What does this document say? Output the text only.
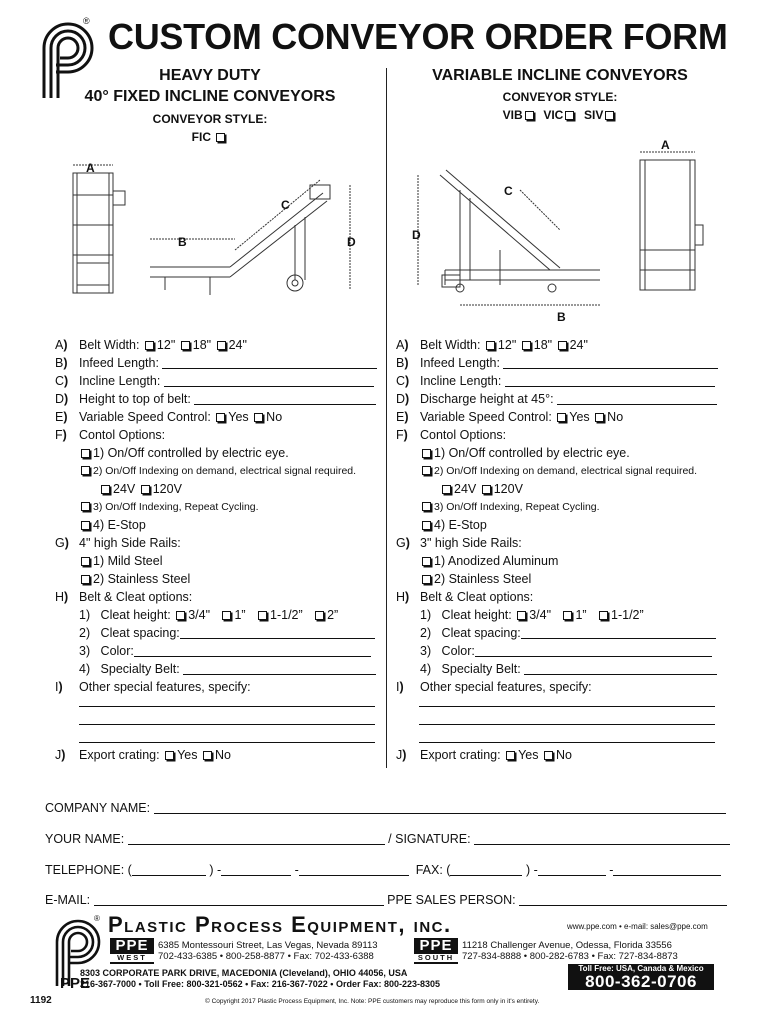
® CUSTOM CONVEYOR ORDER FORM
HEAVY DUTY
40° FIXED INCLINE CONVEYORS
CONVEYOR STYLE:
FIC
VARIABLE INCLINE CONVEYORS
CONVEYOR STYLE:
VIB VIC SIV
A
B
C
D
A
B
C
D
A) Belt Width: 12" 18" 24"
B) Infeed Length:
C) Incline Length:
D) Height to top of belt:
E) Variable Speed Control: Yes No
F) Contol Options:
1) On/Off controlled by electric eye.
2) On/Off Indexing on demand, electrical signal required.
24V 120V
3) On/Off Indexing, Repeat Cycling.
4) E-Stop
G) 4" high Side Rails:
1) Mild Steel
2) Stainless Steel
H) Belt & Cleat options:
1) Cleat height: 3/4" 1” 1-1/2” 2”
2) Cleat spacing:
3) Color:
4) Specialty Belt:
I) Other special features, specify:
J) Export crating: Yes No
A) Belt Width: 12" 18" 24"
B) Infeed Length:
C) Incline Length:
D) Discharge height at 45°:
E) Variable Speed Control: Yes No
F) Contol Options:
1) On/Off controlled by electric eye.
2) On/Off Indexing on demand, electrical signal required.
24V 120V
3) On/Off Indexing, Repeat Cycling.
4) E-Stop
G) 3" high Side Rails:
1) Anodized Aluminum
2) Stainless Steel
H) Belt & Cleat options:
1) Cleat height: 3/4" 1” 1-1/2”
2) Cleat spacing:
3) Color:
4) Specialty Belt:
I) Other special features, specify:
J) Export crating: Yes No
COMPANY NAME:
YOUR NAME:	/ SIGNATURE:
TELEPHONE: (	) -	-	FAX: (	) -	-
E-MAIL:	PPE SALES PERSON:
® Plastic Process Equipment, inc.	www.ppe.com • e-mail: sales@ppe.com
PPE
WEST
6385 Montessouri Street, Las Vegas, Nevada 89113
702-433-6385 • 800-258-8877 • Fax: 702-433-6388
PPE
SOUTH
11218 Challenger Avenue, Odessa, Florida 33556
727-834-8888 • 800-282-6783 • Fax: 727-834-8873
8303 CORPORATE PARK DRIVE, MACEDONIA (Cleveland), OHIO 44056, USA
216-367-7000 • Toll Free: 800-321-0562 • Fax: 216-367-7022 • Order Fax: 800-223-8305
PPE
Toll Free: USA, Canada & Mexico
800-362-0706
1192	© Copyright 2017 Plastic Process Equipment, Inc. Note: PPE customers may reproduce this form only in it's entirety.
